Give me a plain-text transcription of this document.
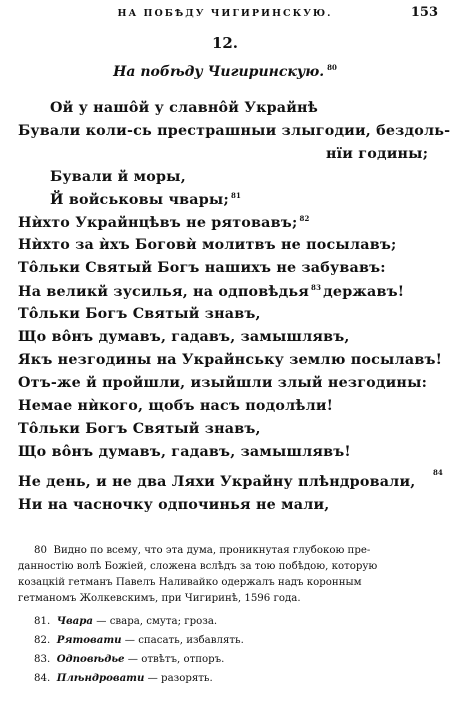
НА ПОБѢДУ ЧИГИРИНСКУЮ.	153
12.
На побѣду Чигиринскую. $^{80}$
Ой у нашôй у славнôй Украйнѣ
Бували коли-сь престрашныи злыгодии, бездоль-
нїи годины;
Бували й моры,
Й войськовы чвары; $^{81}$
Нѝхто Украйнцѣвъ не рятовавъ; $^{82}$
Нѝхто за ѝхъ Боговѝ молитвъ не посылавъ;
Тôльки Святый Богъ нашихъ не забувавъ:
На великй зусилья, на одповѣдья $^{83}$ державъ!
Тôльки Богъ Святый знавъ,
Що вôнъ думавъ, гадавъ, замышлявъ,
Якъ незгодины на Украйнську землю посылавъ!
Отъ-же й пройшли, изыйшли злый незгодины:
Немае нѝкого, щобъ насъ подолѣли!
Тôльки Богъ Святый знавъ,
Що вôнъ думавъ, гадавъ, замышлявъ!
Не день, и не два Ляхи Украйну плѣндровали,
84
Ни на часночку одпочинья не мали,
80 Видно по всему, что эта дума, проникнутая глубокою пре-
данностію волѣ Божіей, сложена вслѣдъ за тою побѣдою, которую
козацкій гетманъ Павелъ Наливайко одержалъ надъ коронным
гетманомъ Жолкевскимъ, при Чигиринѣ, 1596 года.
81. Чвара — свара, смута; гроза.
82. Рятовати — спасать, избавлять.
83. Одповѣдье — отвѣтъ, отпоръ.
84. Плѣндровати — разорять.
